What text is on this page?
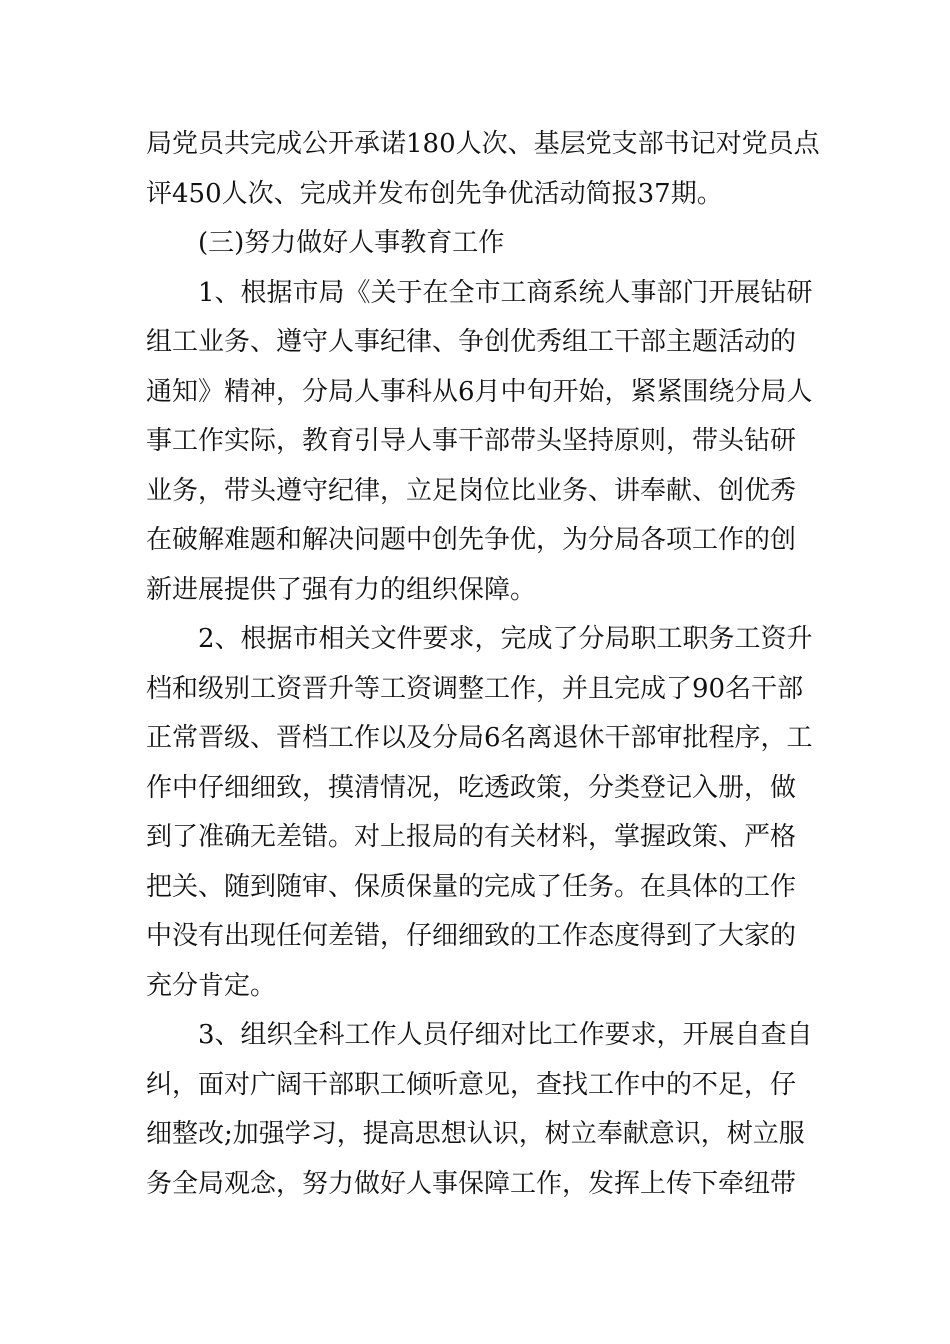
局党员共完成公开承诺180人次、基层党支部书记对党员点
评450人次、完成并发布创先争优活动简报37期。
(三)努力做好人事教育工作
1、根据市局《关于在全市工商系统人事部门开展钻研
组工业务、遵守人事纪律、争创优秀组工干部主题活动的
通知》精神，分局人事科从6月中旬开始，紧紧围绕分局人
事工作实际，教育引导人事干部带头坚持原则，带头钻研
业务，带头遵守纪律，立足岗位比业务、讲奉献、创优秀
在破解难题和解决问题中创先争优，为分局各项工作的创
新进展提供了强有力的组织保障。
2、根据市相关文件要求，完成了分局职工职务工资升
档和级别工资晋升等工资调整工作，并且完成了90名干部
正常晋级、晋档工作以及分局6名离退休干部审批程序，工
作中仔细细致，摸清情况，吃透政策，分类登记入册，做
到了准确无差错。对上报局的有关材料，掌握政策、严格
把关、随到随审、保质保量的完成了任务。在具体的工作
中没有出现任何差错，仔细细致的工作态度得到了大家的
充分肯定。
3、组织全科工作人员仔细对比工作要求，开展自查自
纠，面对广阔干部职工倾听意见，查找工作中的不足，仔
细整改;加强学习，提高思想认识，树立奉献意识，树立服
务全局观念，努力做好人事保障工作，发挥上传下牵纽带
